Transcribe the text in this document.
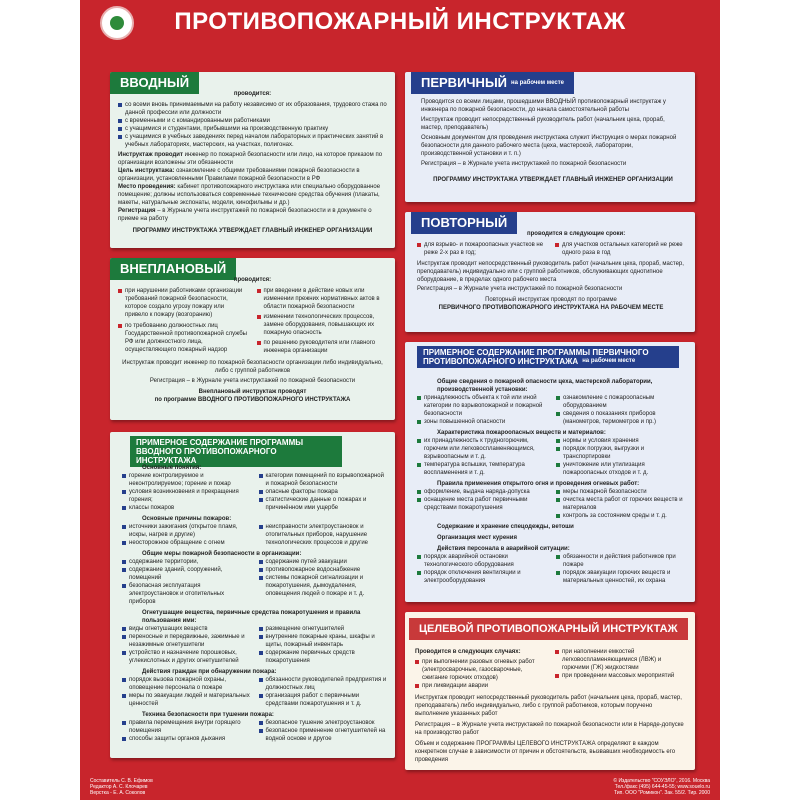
ПРОТИВОПОЖАРНЫЙ ИНСТРУКТАЖ
ВВОДНЫЙ
проводится:
со всеми вновь принимаемыми на работу независимо от их образования, трудового стажа по данной профессии или должности
с временными и с командированными работниками
с учащимися и студентами, прибывшими на производственную практику
с учащимися в учебных заведениях перед началом лабораторных и практических занятий в учебных лабораториях, мастерских, на участках, полигонах.
Инструктаж проводит инженер по пожарной безопасности или лицо, на которое приказом по организации возложены эти обязанности
Цель инструктажа: ознакомление с общими требованиями пожарной безопасности в организации, установленными Правилами пожарной безопасности в РФ
Место проведения: кабинет противопожарного инструктажа или специально оборудованное помещение; должны использоваться современные технические средства обучения (плакаты, макеты, натуральные экспонаты, модели, кинофильмы и др.)
Регистрация – в Журнале учета инструктажей по пожарной безопасности и в документе о приеме на работу
ПРОГРАММУ ИНСТРУКТАЖА УТВЕРЖДАЕТ ГЛАВНЫЙ ИНЖЕНЕР ОРГАНИЗАЦИИ
ВНЕПЛАНОВЫЙ
проводится:
при нарушении работниками организации требований пожарной безопасности, которое создало угрозу пожару или привело к пожару (возгоранию)
по требованию должностных лиц Государственной противопожарной службы РФ или должностного лица, осуществляющего пожарный надзор
при введении в действие новых или изменении прежних нормативных актов в области пожарной безопасности
изменении технологических процессов, замене оборудования, повышающих их пожарную опасность
по решению руководителя или главного инженера организации
Инструктаж проводит инженер по пожарной безопасности организации либо индивидуально, либо с группой работников
Регистрация – в Журнале учета инструктажей по пожарной безопасности
Внеплановый инструктаж проводят
по программе ВВОДНОГО ПРОТИВОПОЖАРНОГО ИНСТРУКТАЖА
ПРИМЕРНОЕ СОДЕРЖАНИЕ ПРОГРАММЫ ВВОДНОГО ПРОТИВОПОЖАРНОГО ИНСТРУКТАЖА
Основные понятия:
горение контролируемое и неконтролируемое; горение и пожар
условия возникновения и прекращения горения;
классы пожаров
категории помещений по взрывопожарной и пожарной безопасности
опасные факторы пожара
статистические данные о пожарах и причинённом ими ущербе
Основные причины пожаров:
источники зажигания (открытое пламя, искры, нагрев и другие)
неосторожное обращение с огнем
неисправности электроустановок и отопительных приборов, нарушение технологических процессов и другие
Общие меры пожарной безопасности в организации:
содержание территории,
содержание зданий, сооружений, помещений
безопасная эксплуатация электроустановок и отопительных приборов
содержание путей эвакуации
противопожарное водоснабжение
системы пожарной сигнализации и пожаротушения, дымоудаления, оповещения людей о пожаре и т. д.
Огнетушащие вещества, первичные средства пожаротушения и правила пользования ими:
виды огнетушащих веществ
переносные и передвижные, зажимные и незажимные огнетушители
устройство и назначение порошковых, углекислотных и других огнетушителей
размещение огнетушителей
внутренние пожарные краны, шкафы и щиты, пожарный инвентарь
содержание первичных средств пожаротушения
Действия граждан при обнаружении пожара:
порядок вызова пожарной охраны, оповещение персонала о пожаре
меры по эвакуации людей и материальных ценностей
обязанности руководителей предприятия и должностных лиц
организация работ с первичными средствами пожаротушения и т. д.
Техника безопасности при тушении пожара:
правила перемещения внутри горящего помещения
способы защиты органов дыхания
безопасное тушение электроустановок
безопасное применение огнетушителей на водной основе и другое
ПЕРВИЧНЫЙ на рабочем месте
Проводится со всеми лицами, прошедшими ВВОДНЫЙ противопожарный инструктаж у инженера по пожарной безопасности, до начала самостоятельной работы
Инструктаж проводит непосредственный руководитель работ (начальник цеха, прораб, мастер, преподаватель)
Основным документом для проведения инструктажа служит Инструкция о мерах пожарной безопасности для данного рабочего места (цеха, мастерской, лаборатории, производственной установки и т. п.)
Регистрация – в Журнале учета инструктажей по пожарной безопасности
ПРОГРАММУ ИНСТРУКТАЖА УТВЕРЖДАЕТ ГЛАВНЫЙ ИНЖЕНЕР ОРГАНИЗАЦИИ
ПОВТОРНЫЙ
проводится в следующие сроки:
для взрыво- и пожароопасных участков не реже 2-х раз в год;
для участков остальных категорий не реже одного раза в год
Инструктаж проводит непосредственный руководитель работ (начальник цеха, прораб, мастер, преподаватель) индивидуально или с группой работников, обслуживающих однотипное оборудование, в пределах одного рабочего места
Регистрация – в Журнале учета инструктажей по пожарной безопасности
Повторный инструктаж проводят по программе
ПЕРВИЧНОГО ПРОТИВОПОЖАРНОГО ИНСТРУКТАЖА НА РАБОЧЕМ МЕСТЕ
ПРИМЕРНОЕ СОДЕРЖАНИЕ ПРОГРАММЫ ПЕРВИЧНОГО ПРОТИВОПОЖАРНОГО ИНСТРУКТАЖА на рабочем месте
Общие сведения о пожарной опасности цеха, мастерской лаборатории, производственной установки:
принадлежность объекта к той или иной категории по взрывопожарной и пожарной безопасности
зоны повышенной опасности
ознакомление с пожароопасным оборудованием
сведения о показаниях приборов (манометров, термометров и пр.)
Характеристика пожароопасных веществ и материалов:
их принадлежность к трудногорючим, горючим или легковоспламеняющимся, взрывоопасным и т. д.
температура вспышки, температура воспламенения и т. д.
нормы и условия хранения
порядок погрузки, выгрузки и транспортировки
уничтожение или утилизация пожароопасных отходов и т. д.
Правила применения открытого огня и проведения огневых работ:
оформление, выдача наряда-допуска
оснащение места работ первичными средствами пожаротушения
меры пожарной безопасности
очистка места работ от горючих веществ и материалов
контроль за состоянием среды и т. д.
Содержание и хранение спецодежды, ветоши
Организация мест курения
Действия персонала в аварийной ситуации:
порядок аварийной остановки технологического оборудования
порядок отключения вентиляции и электрооборудования
обязанности и действия работников при пожаре
порядок эвакуации горючих веществ и материальных ценностей, их охрана
ЦЕЛЕВОЙ ПРОТИВОПОЖАРНЫЙ ИНСТРУКТАЖ
Проводится в следующих случаях:
при выполнении разовых огневых работ (электросварочные, газосварочные, сжигание горючих отходов)
при ликвидации аварии
при наполнении емкостей легковоспламеняющимися (ЛВЖ) и горючими (ГЖ) жидкостями
при проведении массовых мероприятий
Инструктаж проводит непосредственный руководитель работ (начальник цеха, прораб, мастер, преподаватель) либо индивидуально, либо с группой работников, которым поручено выполнение указанных работ
Регистрация – в Журнале учета инструктажей по пожарной безопасности или в Наряде-допуске на производство работ
Объем и содержание ПРОГРАММЫ ЦЕЛЕВОГО ИНСТРУКТАЖА определяют в каждом конкретном случае в зависимости от причин и обстоятельств, вызвавших необходимость его проведения
Составитель С. В. Ефимов
Редактор А. С. Клочарев
Верстка - Е. А. Соколов
© Издательство "СОУЭЛО", 2016. Москва
Тел./факс (495) 644-45-55; www.souelo.ru
Тип. ООО "Ромикон". Зак. 55/2. Тир. 2000
